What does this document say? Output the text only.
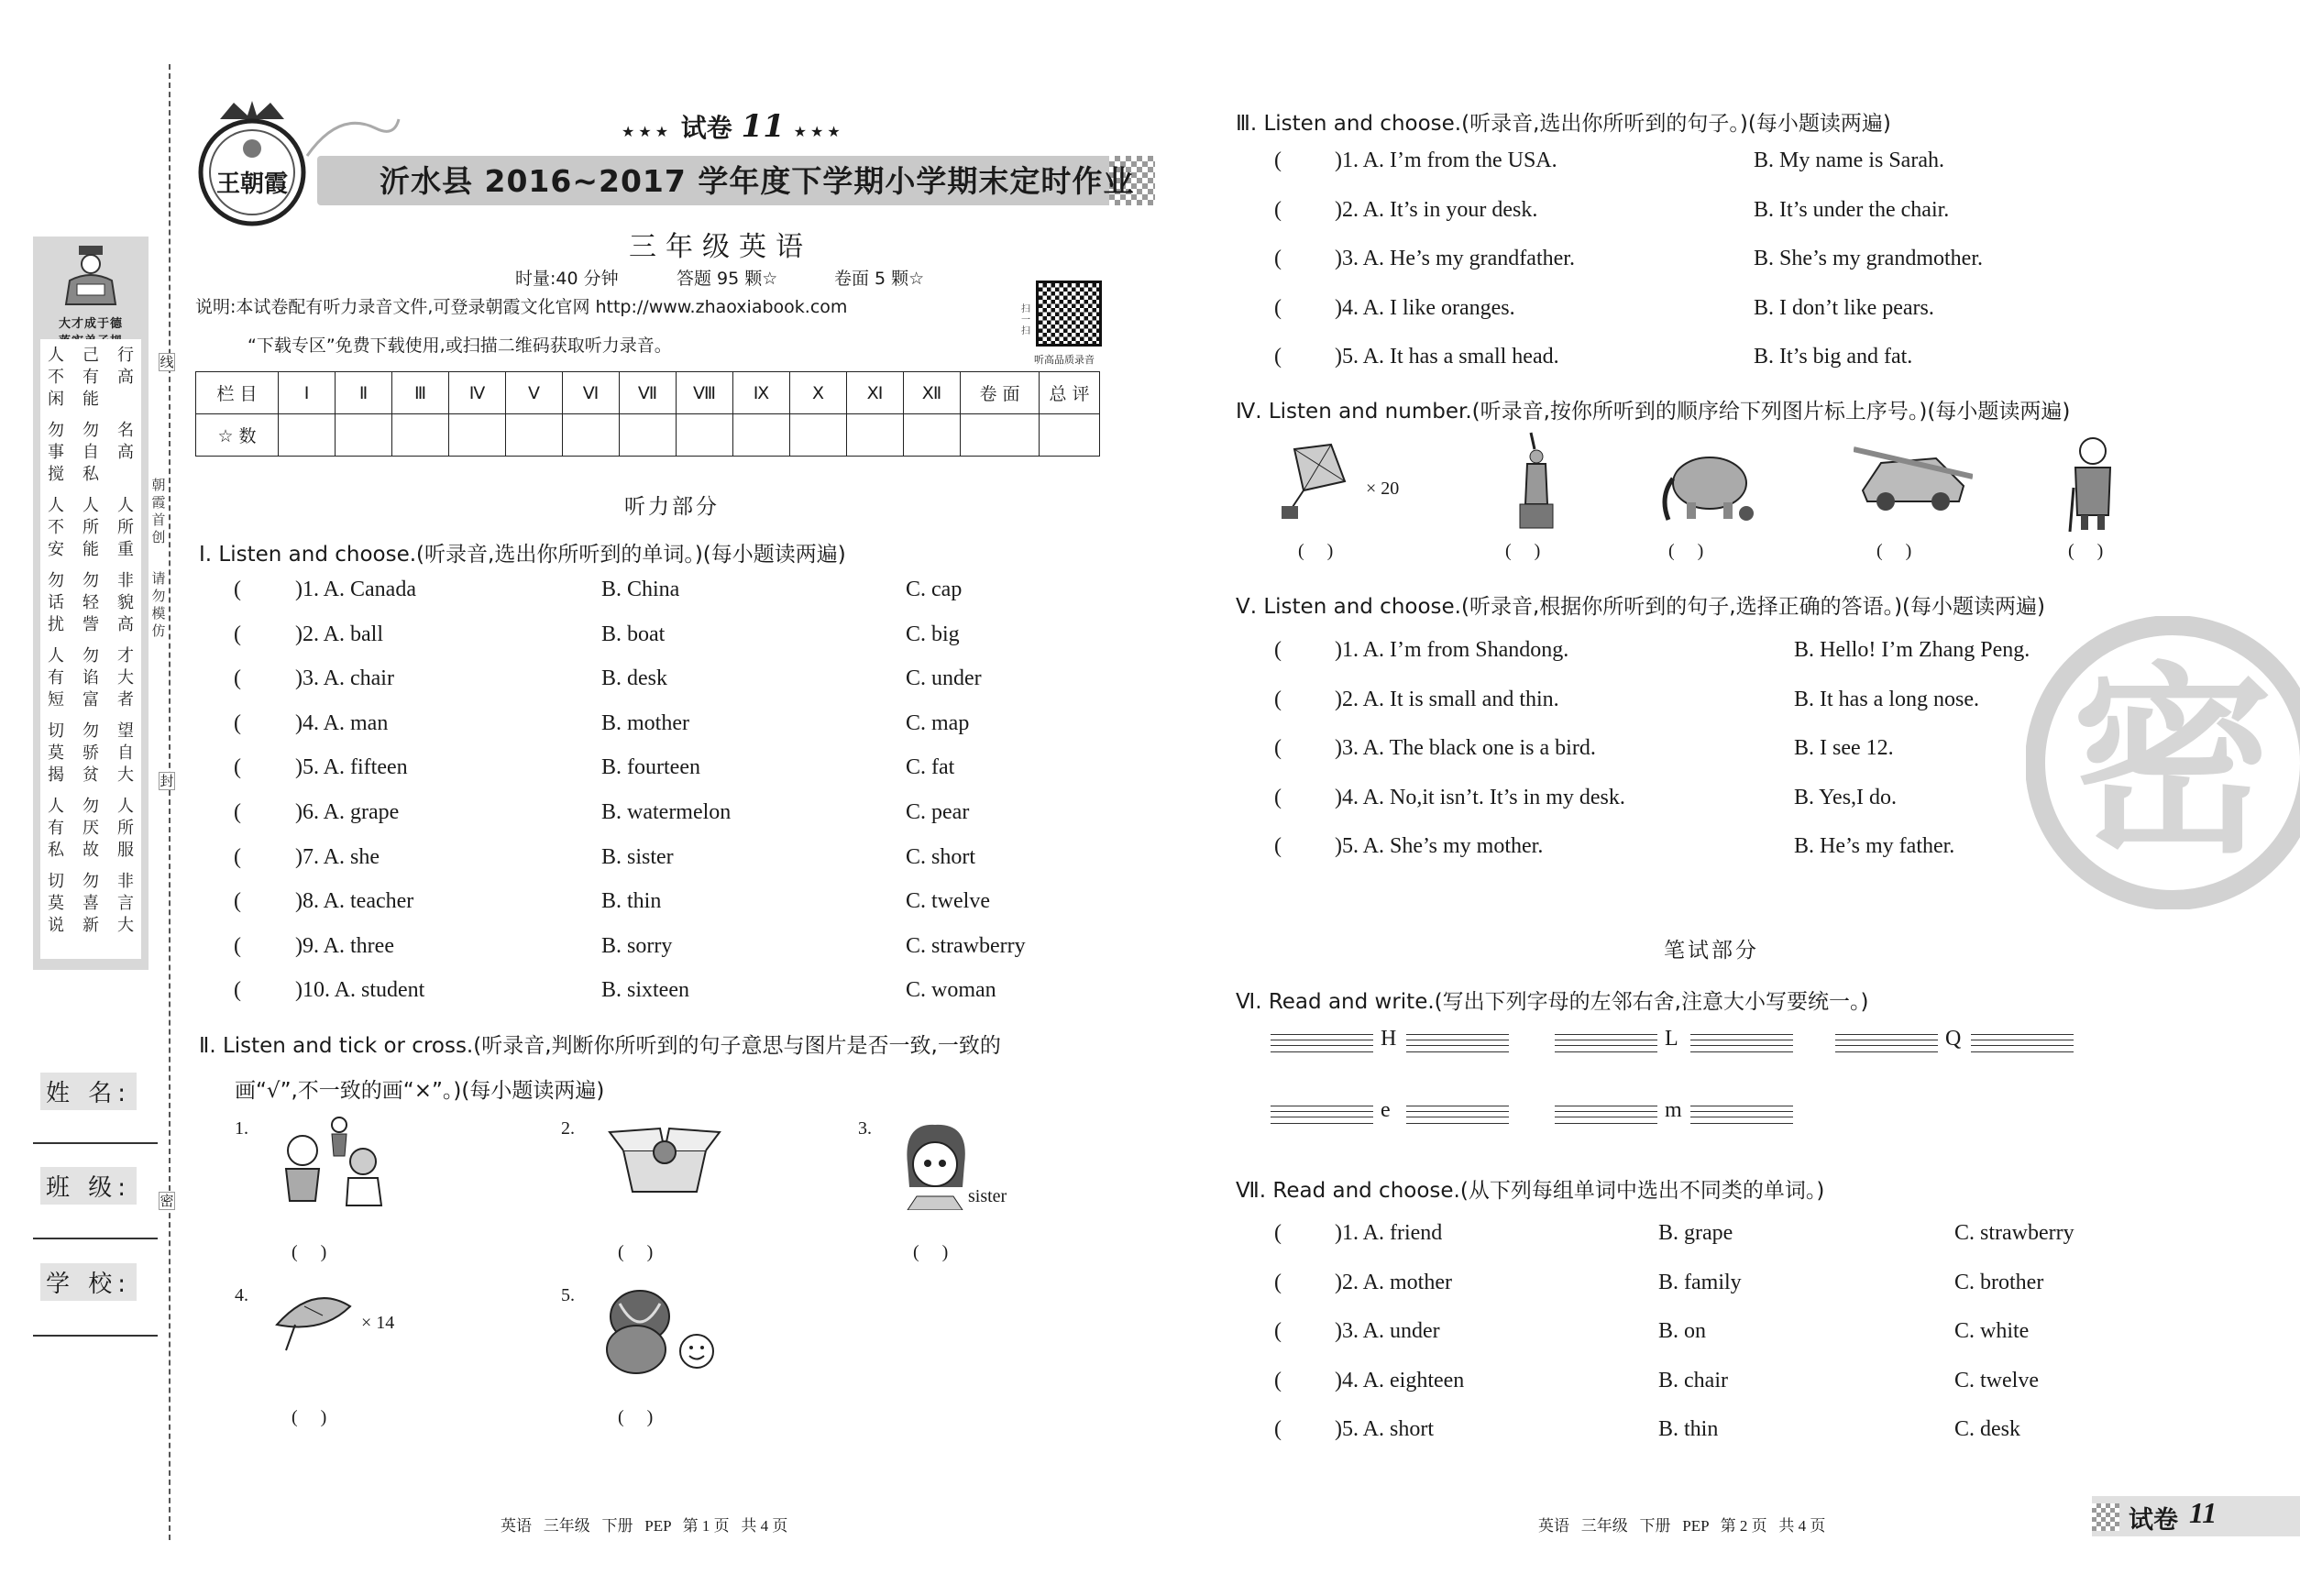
大才成于德
人不闲
己有能
行高
勿事搅
勿自私
名高
人不安
人所能
人所重
勿话扰
勿轻訾
非貌高
人有短
勿谄富
才大者
切莫揭
勿骄贫
望自大
人有私
勿厌故
人所服
切莫说
勿喜新
非言大
朝
霞
首
创
请
勿
模
仿
线
封
密
姓 名:
班 级:
学 校:
王朝霞
★★★ 试卷 11 ★★★
沂水县 2016~2017 学年度下学期小学期末定时作业
三年级英语
时量:40 分钟	答题 95 颗☆	卷面 5 颗☆
说明:本试卷配有听力录音文件,可登录朝霞文化官网 http://www.zhaoxiabook.com
“下载专区”免费下载使用,或扫描二维码获取听力录音。
扫
一
扫
听高品质录音
栏 目	Ⅰ	Ⅱ	Ⅲ	Ⅳ	Ⅴ	Ⅵ	Ⅶ	Ⅷ	Ⅸ	Ⅹ	Ⅺ	Ⅻ	卷 面	总 评
☆ 数														
听力部分
Ⅰ. Listen and choose.(听录音,选出你所听到的单词。)(每小题读两遍)
( )1. A. Canada	B. China	C. cap
( )2. A. ball	B. boat	C. big
( )3. A. chair	B. desk	C. under
( )4. A. man	B. mother	C. map
( )5. A. fifteen	B. fourteen	C. fat
( )6. A. grape	B. watermelon	C. pear
( )7. A. she	B. sister	C. short
( )8. A. teacher	B. thin	C. twelve
( )9. A. three	B. sorry	C. strawberry
( )10. A. student	B. sixteen	C. woman
Ⅱ. Listen and tick or cross.(听录音,判断你所听到的句子意思与图片是否一致,一致的
画“√”,不一致的画“×”。)(每小题读两遍)
1.
(     )
2.
(     )
3.
sister
(     )
4.
× 14
(     )
5.
(     )
英语   三年级   下册   PEP   第 1 页   共 4 页
Ⅲ. Listen and choose.(听录音,选出你所听到的句子。)(每小题读两遍)
( )1. A. I’m from the USA.	B. My name is Sarah.
( )2. A. It’s in your desk.	B. It’s under the chair.
( )3. A. He’s my grandfather.	B. She’s my grandmother.
( )4. A. I like oranges.	B. I don’t like pears.
( )5. A. It has a small head.	B. It’s big and fat.
Ⅳ. Listen and number.(听录音,按你所听到的顺序给下列图片标上序号。)(每小题读两遍)
× 20
(     )	(     )	(     )	(     )	(     )
Ⅴ. Listen and choose.(听录音,根据你所听到的句子,选择正确的答语。)(每小题读两遍)
( )1. A. I’m from Shandong.	B. Hello! I’m Zhang Peng.
( )2. A. It is small and thin.	B. It has a long nose.
( )3. A. The black one is a bird.	B. I see 12.
( )4. A. No,it isn’t. It’s in my desk.	B. Yes,I do.
( )5. A. She’s my mother.	B. He’s my father.
笔试部分
Ⅵ. Read and write.(写出下列字母的左邻右舍,注意大小写要统一。)
H	L	Q
e	m
Ⅶ. Read and choose.(从下列每组单词中选出不同类的单词。)
( )1. A. friend	B. grape	C. strawberry
( )2. A. mother	B. family	C. brother
( )3. A. under	B. on	C. white
( )4. A. eighteen	B. chair	C. twelve
( )5. A. short	B. thin	C. desk
英语   三年级   下册   PEP   第 2 页   共 4 页
密
试卷 11
